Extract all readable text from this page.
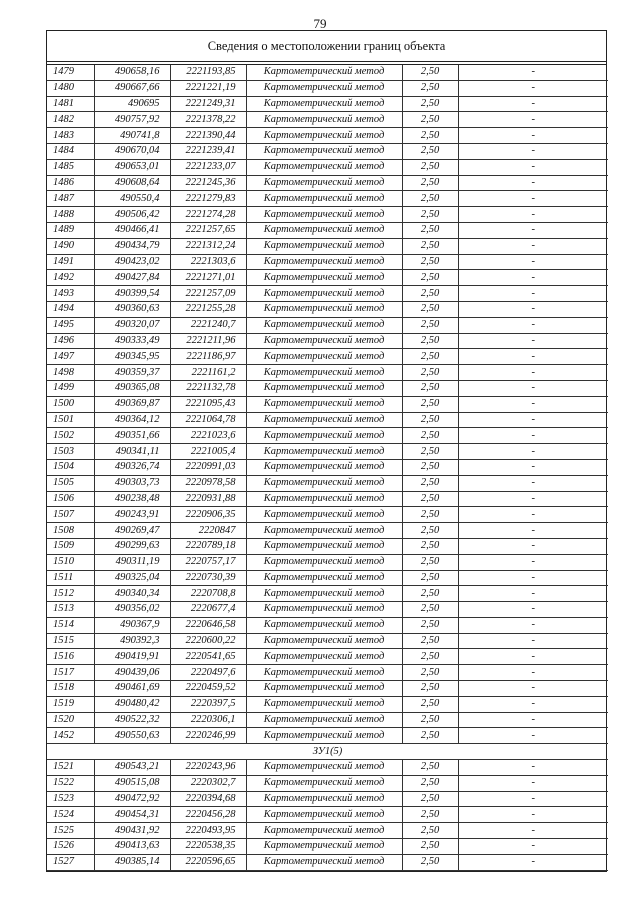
79
Сведения о местоположении границ объекта
1479	490658,16	2221193,85	Картометрический метод	2,50	-
1480	490667,66	2221221,19	Картометрический метод	2,50	-
1481	490695	2221249,31	Картометрический метод	2,50	-
1482	490757,92	2221378,22	Картометрический метод	2,50	-
1483	490741,8	2221390,44	Картометрический метод	2,50	-
1484	490670,04	2221239,41	Картометрический метод	2,50	-
1485	490653,01	2221233,07	Картометрический метод	2,50	-
1486	490608,64	2221245,36	Картометрический метод	2,50	-
1487	490550,4	2221279,83	Картометрический метод	2,50	-
1488	490506,42	2221274,28	Картометрический метод	2,50	-
1489	490466,41	2221257,65	Картометрический метод	2,50	-
1490	490434,79	2221312,24	Картометрический метод	2,50	-
1491	490423,02	2221303,6	Картометрический метод	2,50	-
1492	490427,84	2221271,01	Картометрический метод	2,50	-
1493	490399,54	2221257,09	Картометрический метод	2,50	-
1494	490360,63	2221255,28	Картометрический метод	2,50	-
1495	490320,07	2221240,7	Картометрический метод	2,50	-
1496	490333,49	2221211,96	Картометрический метод	2,50	-
1497	490345,95	2221186,97	Картометрический метод	2,50	-
1498	490359,37	2221161,2	Картометрический метод	2,50	-
1499	490365,08	2221132,78	Картометрический метод	2,50	-
1500	490369,87	2221095,43	Картометрический метод	2,50	-
1501	490364,12	2221064,78	Картометрический метод	2,50	-
1502	490351,66	2221023,6	Картометрический метод	2,50	-
1503	490341,11	2221005,4	Картометрический метод	2,50	-
1504	490326,74	2220991,03	Картометрический метод	2,50	-
1505	490303,73	2220978,58	Картометрический метод	2,50	-
1506	490238,48	2220931,88	Картометрический метод	2,50	-
1507	490243,91	2220906,35	Картометрический метод	2,50	-
1508	490269,47	2220847	Картометрический метод	2,50	-
1509	490299,63	2220789,18	Картометрический метод	2,50	-
1510	490311,19	2220757,17	Картометрический метод	2,50	-
1511	490325,04	2220730,39	Картометрический метод	2,50	-
1512	490340,34	2220708,8	Картометрический метод	2,50	-
1513	490356,02	2220677,4	Картометрический метод	2,50	-
1514	490367,9	2220646,58	Картометрический метод	2,50	-
1515	490392,3	2220600,22	Картометрический метод	2,50	-
1516	490419,91	2220541,65	Картометрический метод	2,50	-
1517	490439,06	2220497,6	Картометрический метод	2,50	-
1518	490461,69	2220459,52	Картометрический метод	2,50	-
1519	490480,42	2220397,5	Картометрический метод	2,50	-
1520	490522,32	2220306,1	Картометрический метод	2,50	-
1452	490550,63	2220246,99	Картометрический метод	2,50	-
ЗУ1(5)					
1521	490543,21	2220243,96	Картометрический метод	2,50	-
1522	490515,08	2220302,7	Картометрический метод	2,50	-
1523	490472,92	2220394,68	Картометрический метод	2,50	-
1524	490454,31	2220456,28	Картометрический метод	2,50	-
1525	490431,92	2220493,95	Картометрический метод	2,50	-
1526	490413,63	2220538,35	Картометрический метод	2,50	-
1527	490385,14	2220596,65	Картометрический метод	2,50	-
